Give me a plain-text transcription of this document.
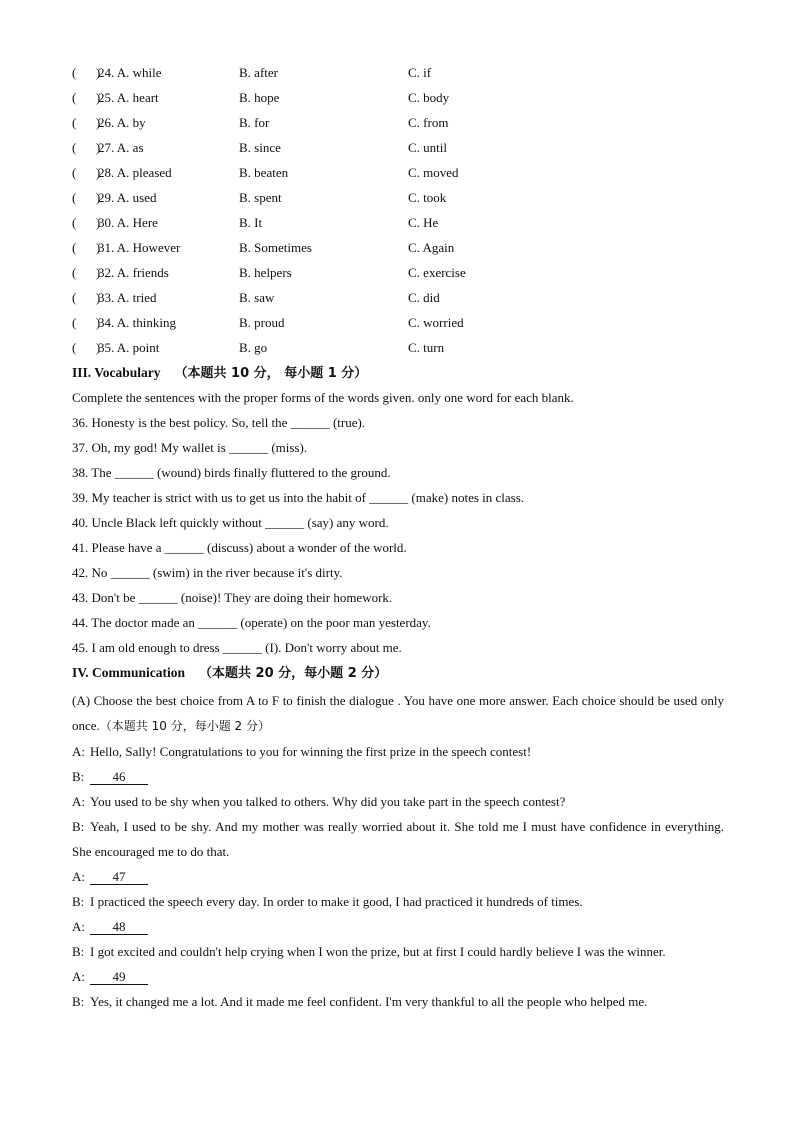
(      )
24. A. while	B. after	C. if
(      )
25. A. heart	B. hope	C. body
(      )
26. A. by	B. for	C. from
(      )
27. A. as	B. since	C. until
(      )
28. A. pleased	B. beaten	C. moved
(      )
29. A. used	B. spent	C. took
(      )
30. A. Here	B. It	C. He
(      )
31. A. However	B. Sometimes	C. Again
(      )
32. A. friends	B. helpers	C. exercise
(      )
33. A. tried	B. saw	C. did
(      )
34. A. thinking	B. proud	C. worried
(      )
35. A. point	B. go	C. turn
III. Vocabulary （本题共 10 分， 每小题 1 分）
Complete the sentences with the proper forms of the words given. only one word for each blank.
36. Honesty is the best policy. So, tell the ______ (true).
37. Oh, my god! My wallet is ______ (miss).
38. The ______ (wound) birds finally fluttered to the ground.
39. My teacher is strict with us to get us into the habit of ______ (make) notes in class.
40. Uncle Black left quickly without ______ (say) any word.
41. Please have a ______ (discuss) about a wonder of the world.
42. No ______ (swim) in the river because it's dirty.
43. Don't be ______ (noise)! They are doing their homework.
44. The doctor made an ______ (operate) on the poor man yesterday.
45. I am old enough to dress ______ (I). Don't worry about me.
IV. Communication （本题共 20 分，每小题 2 分）
(A) Choose the best choice from A to F to finish the dialogue . You have one more answer. Each choice should be used only once.（本题共 10 分，每小题 2 分）
A: Hello, Sally! Congratulations to you for winning the first prize in the speech contest!
B: 46
A: You used to be shy when you talked to others. Why did you take part in the speech contest?
B: Yeah, I used to be shy. And my mother was really worried about it. She told me I must have confidence in everything. She encouraged me to do that.
A: 47
B: I practiced the speech every day. In order to make it good, I had practiced it hundreds of times.
A: 48
B: I got excited and couldn't help crying when I won the prize, but at first I could hardly believe I was the winner.
A: 49
B: Yes, it changed me a lot. And it made me feel confident. I'm very thankful to all the people who helped me.
